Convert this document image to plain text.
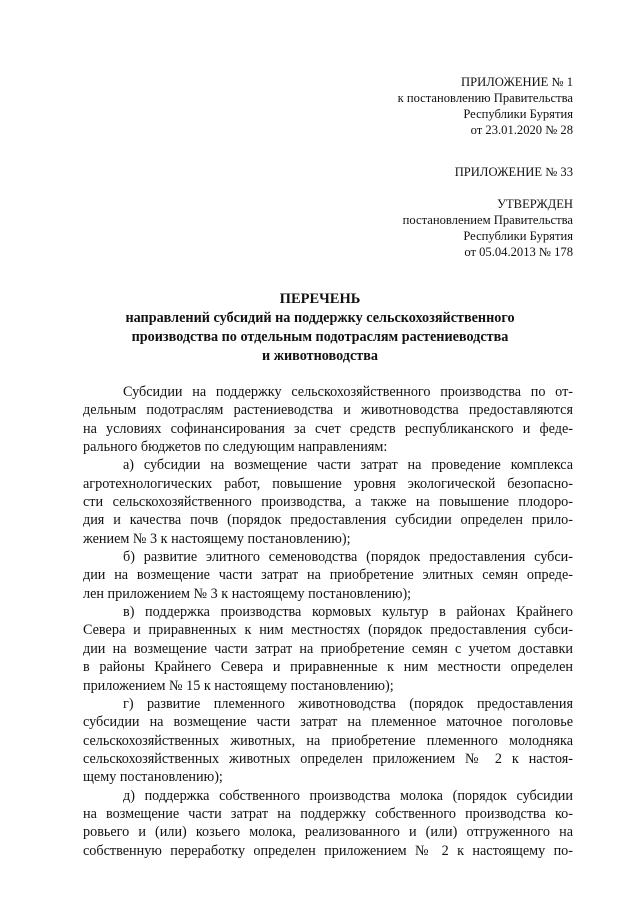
ПРИЛОЖЕНИЕ № 1
к постановлению Правительства
Республики Бурятия
от 23.01.2020 № 28
ПРИЛОЖЕНИЕ № 33
УТВЕРЖДЕН
постановлением Правительства
Республики Бурятия
от 05.04.2013 № 178
ПЕРЕЧЕНЬ
направлений субсидий на поддержку сельскохозяйственного
производства по отдельным подотраслям растениеводства
и животноводства
Субсидии на поддержку сельскохозяйственного производства по от-
дельным подотраслям растениеводства и животноводства предоставляются
на условиях софинансирования за счет средств республиканского и феде-
рального бюджетов по следующим направлениям:
а) субсидии на возмещение части затрат на проведение комплекса
агротехнологических работ, повышение уровня экологической безопасно-
сти сельскохозяйственного производства, а также на повышение плодоро-
дия и качества почв (порядок предоставления субсидии определен прило-
жением № 3 к настоящему постановлению);
б) развитие элитного семеноводства (порядок предоставления субси-
дии на возмещение части затрат на приобретение элитных семян опреде-
лен приложением № 3 к настоящему постановлению);
в) поддержка производства кормовых культур в районах Крайнего
Севера и приравненных к ним местностях (порядок предоставления субси-
дии на возмещение части затрат на приобретение семян с учетом доставки
в районы Крайнего Севера и приравненные к ним местности определен
приложением № 15 к настоящему постановлению);
г) развитие племенного животноводства (порядок предоставления
субсидии на возмещение части затрат на племенное маточное поголовье
сельскохозяйственных животных, на приобретение племенного молодняка
сельскохозяйственных животных определен приложением № 2 к настоя-
щему постановлению);
д) поддержка собственного производства молока (порядок субсидии
на возмещение части затрат на поддержку собственного производства ко-
ровьего и (или) козьего молока, реализованного и (или) отгруженного на
собственную переработку определен приложением № 2 к настоящему по-
